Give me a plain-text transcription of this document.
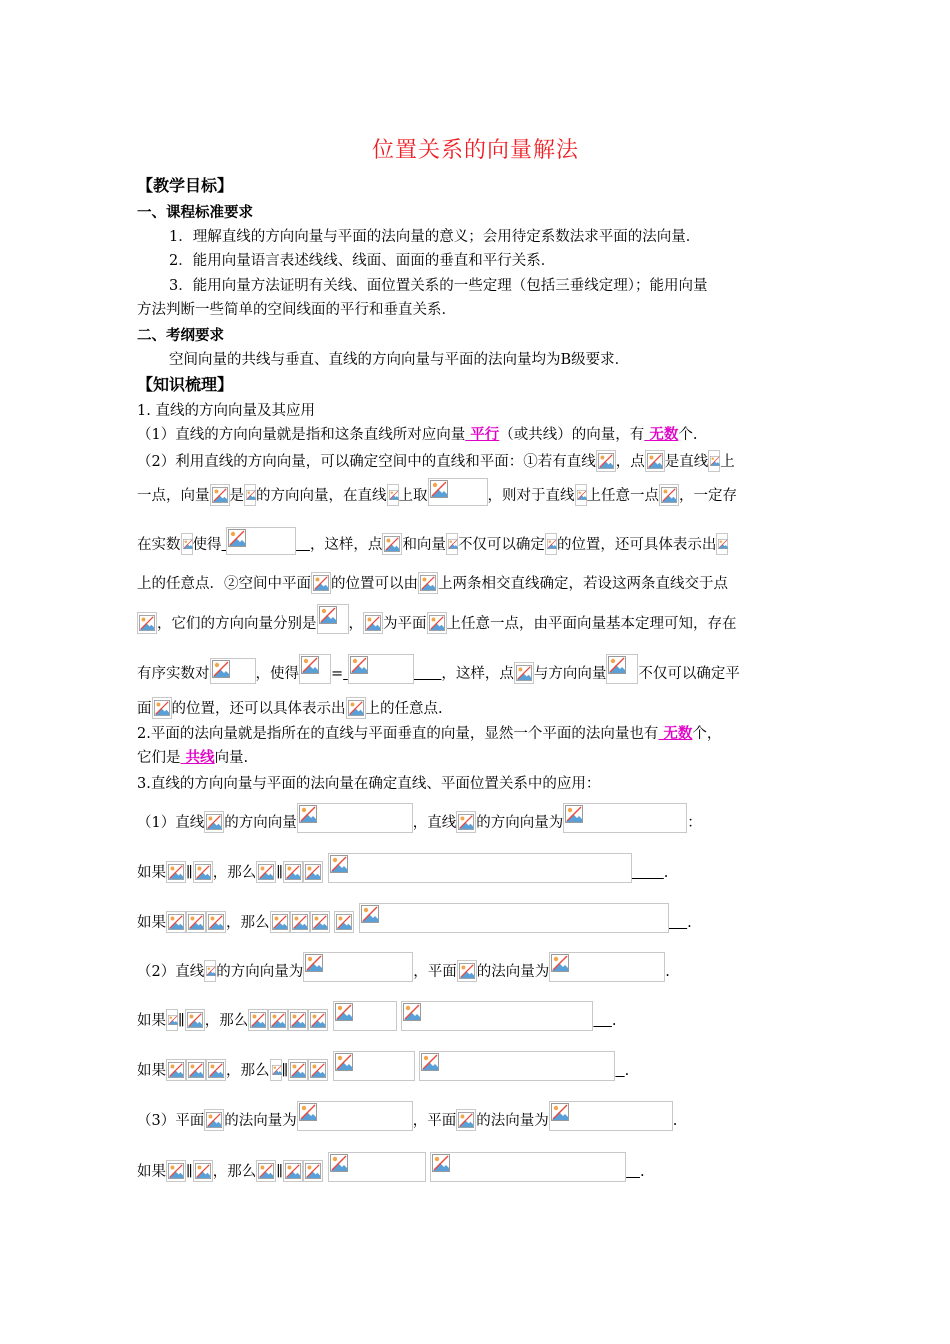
位置关系的向量解法
【教学目标】
一、课程标准要求
1．理解直线的方向向量与平面的法向量的意义；会用待定系数法求平面的法向量．
2．能用向量语言表述线线、线面、面面的垂直和平行关系．
3．能用向量方法证明有关线、面位置关系的一些定理（包括三垂线定理）；能用向量
方法判断一些简单的空间线面的平行和垂直关系．
二、考纲要求
空间向量的共线与垂直、直线的方向向量与平面的法向量均为B级要求．
【知识梳理】
1. 直线的方向向量及其应用
（1）直线的方向向量就是指和这条直线所对应向量 平行（或共线）的向量，有 无数个.
（2）利用直线的方向向量，可以确定空间中的直线和平面：①若有直线 ，点 是直线 上
一点，向量 是 的方向向量，在直线 上取	，则对于直线 上任意一点 ，一定存
在实数 使得	，这样，点 和向量 不仅可以确定 的位置，还可具体表示出
上的任意点．②空间中平面 的位置可以由 上两条相交直线确定，若设这两条直线交于点
，它们的方向向量分别是 ， 为平面 上任意一点，由平面向量基本定理可知，存在
有序实数对	，使得 =	，这样，点 与方向向量 不仅可以确定平
面 的位置，还可以具体表示出 上的任意点.
2.平面的法向量就是指所在的直线与平面垂直的向量，显然一个平面的法向量也有 无数个，
它们是 共线向量.
3.直线的方向向量与平面的法向量在确定直线、平面位置关系中的应用：
（1）直线 的方向向量	，直线 的方向向量为	：
如果 ∥ ，那么 ∥
	.
如果	，那么

	.
（2）直线 的方向向量为	，平面 的法向量为	.
如果 ∥ ，那么

	.
如果	，那么 ∥

	.
（3）平面 的法向量为	，平面 的法向量为	.
如果 ∥ ，那么 ∥

	.
